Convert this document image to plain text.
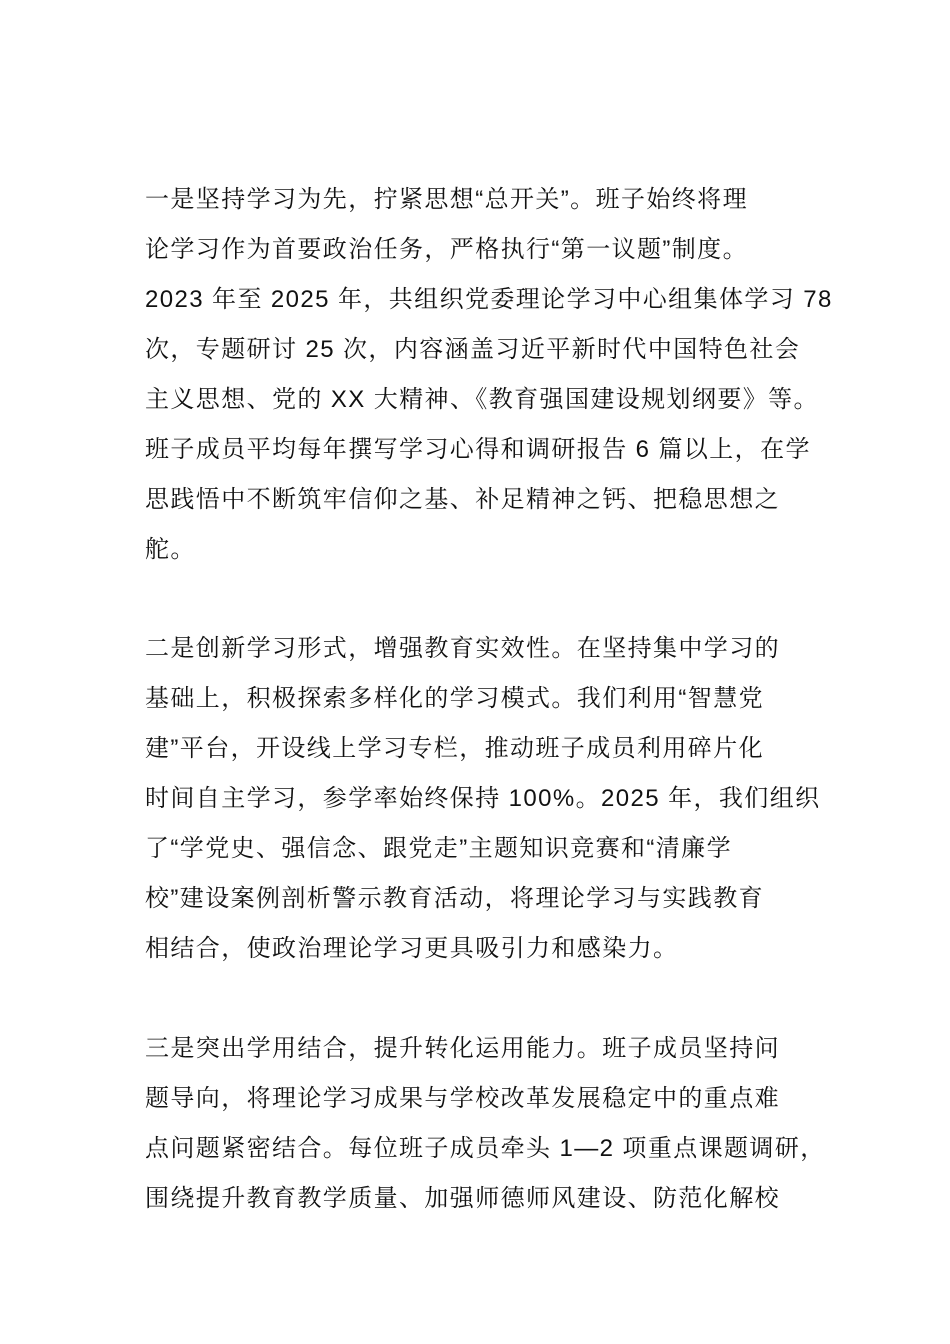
一是坚持学习为先，拧紧思想“总开关”。班子始终将理
论学习作为首要政治任务，严格执行“第一议题”制度。
2023 年至 2025 年，共组织党委理论学习中心组集体学习 78
次，专题研讨 25 次，内容涵盖习近平新时代中国特色社会
主义思想、党的 XX 大精神、《教育强国建设规划纲要》等。
班子成员平均每年撰写学习心得和调研报告 6 篇以上，在学
思践悟中不断筑牢信仰之基、补足精神之钙、把稳思想之
舵。
二是创新学习形式，增强教育实效性。在坚持集中学习的
基础上，积极探索多样化的学习模式。我们利用“智慧党
建”平台，开设线上学习专栏，推动班子成员利用碎片化
时间自主学习，参学率始终保持 100%。2025 年，我们组织
了“学党史、强信念、跟党走”主题知识竞赛和“清廉学
校”建设案例剖析警示教育活动，将理论学习与实践教育
相结合，使政治理论学习更具吸引力和感染力。
三是突出学用结合，提升转化运用能力。班子成员坚持问
题导向，将理论学习成果与学校改革发展稳定中的重点难
点问题紧密结合。每位班子成员牵头 1—2 项重点课题调研，
围绕提升教育教学质量、加强师德师风建设、防范化解校
